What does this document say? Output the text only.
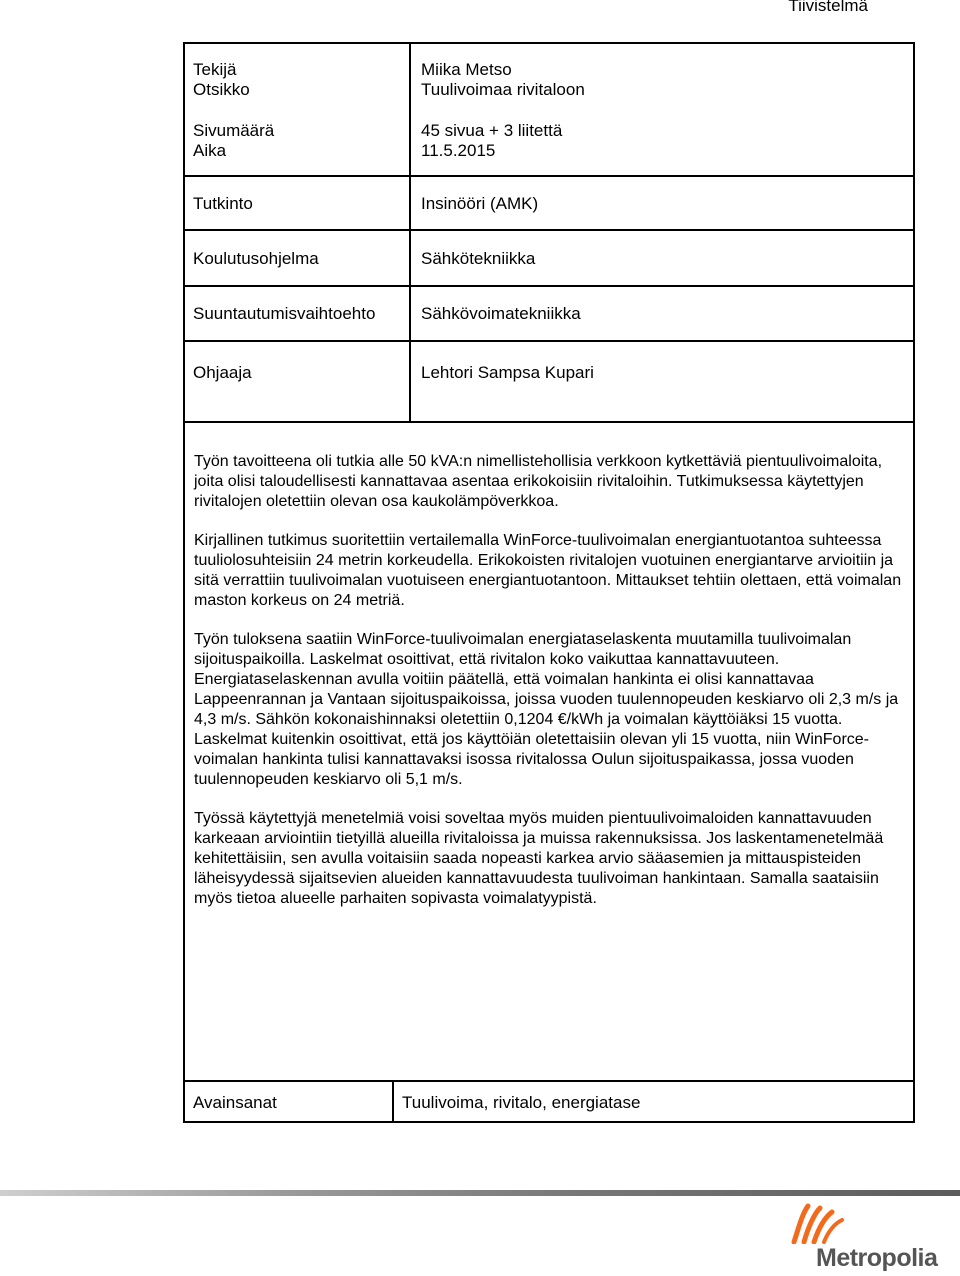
Tiivistelmä
Tekijä
Otsikko
Sivumäärä
Aika
Tutkinto
Koulutusohjelma
Suuntautumisvaihtoehto
Ohjaaja
Miika Metso
Tuulivoimaa rivitaloon
45 sivua + 3 liitettä
11.5.2015
Insinööri (AMK)
Sähkötekniikka
Sähkövoimatekniikka
Lehtori Sampsa Kupari

Työn tavoitteena oli tutkia alle 50 kVA:n nimellistehollisia verkkoon kytkettäviä pientuulivoimaloita, joita olisi taloudellisesti kannattavaa asentaa erikokoisiin rivitaloihin. Tutkimuksessa käytettyjen rivitalojen oletettiin olevan osa kaukolämpöverkkoa.

Kirjallinen tutkimus suoritettiin vertailemalla WinForce-tuulivoimalan energiantuotantoa suhteessa tuuliolosuhteisiin 24 metrin korkeudella. Erikokoisten rivitalojen vuotuinen energiantarve arvioitiin ja sitä verrattiin tuulivoimalan vuotuiseen energiantuotantoon. Mittaukset tehtiin olettaen, että voimalan maston korkeus on 24 metriä.

Työn tuloksena saatiin WinForce-tuulivoimalan energiataselaskenta muutamilla tuulivoimalan sijoituspaikoilla. Laskelmat osoittivat, että rivitalon koko vaikuttaa kannattavuuteen. Energiataselaskennan avulla voitiin päätellä, että voimalan hankinta ei olisi kannattavaa Lappeenrannan ja Vantaan sijoituspaikoissa, joissa vuoden tuulennopeuden keskiarvo oli 2,3 m/s ja 4,3 m/s. Sähkön kokonaishinnaksi oletettiin 0,1204 €/kWh ja voimalan käyttöiäksi 15 vuotta. Laskelmat kuitenkin osoittivat, että jos käyttöiän oletettaisiin olevan yli 15 vuotta, niin WinForce-voimalan hankinta tulisi kannattavaksi isossa rivitalossa Oulun sijoituspaikassa, jossa vuoden tuulennopeuden keskiarvo oli 5,1 m/s.

Työssä käytettyjä menetelmiä voisi soveltaa myös muiden pientuulivoimaloiden kannattavuuden karkeaan arviointiin tietyillä alueilla rivitaloissa ja muissa rakennuksissa. Jos laskentamenetelmää kehitettäisiin, sen avulla voitaisiin saada nopeasti karkea arvio sääasemien ja mittauspisteiden läheisyydessä sijaitsevien alueiden kannattavuudesta tuulivoiman hankintaan. Samalla saataisiin myös tietoa alueelle parhaiten sopivasta voimalatyypistä.

Avainsanat	Tuulivoima, rivitalo, energiatase
Metropolia
